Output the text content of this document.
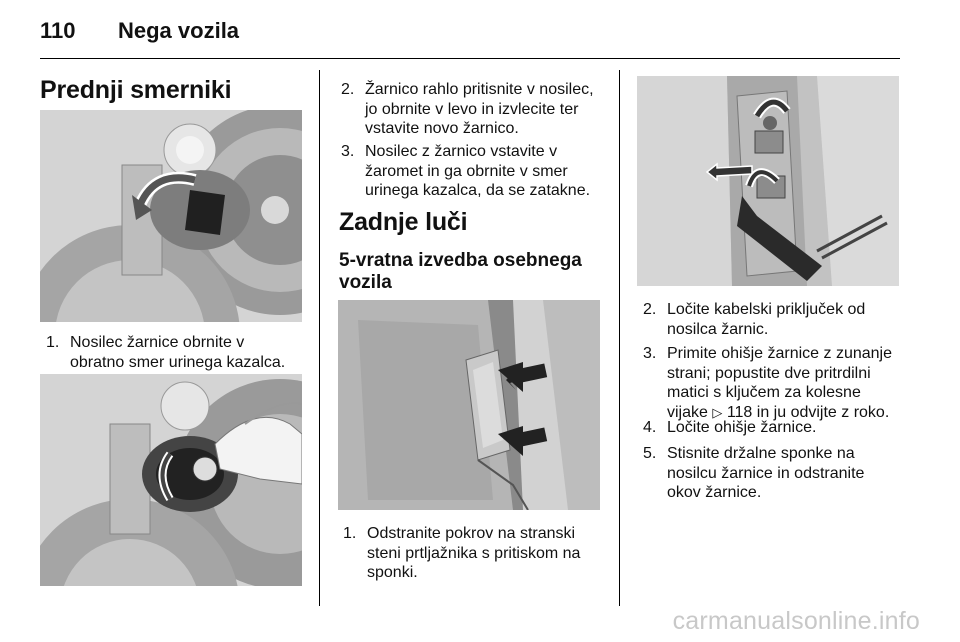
110 Nega vozila
Prednji smerniki
1. Nosilec žarnice obrnite v obratno smer urinega kazalca.
2. Žarnico rahlo pritisnite v nosilec, jo obrnite v levo in izvlecite ter vstavite novo žarnico.
3. Nosilec z žarnico vstavite v žaromet in ga obrnite v smer urinega kazalca, da se zatakne.
Zadnje luči
5-vratna izvedba osebnega vozila
1. Odstranite pokrov na stranski steni prtljažnika s pritiskom na sponki.
2. Ločite kabelski priključek od nosilca žarnic.
3. Primite ohišje žarnice z zunanje strani; popustite dve pritrdilni matici s ključem za kolesne vijake ▷ 118 in ju odvijte z roko.
4. Ločite ohišje žarnice.
5. Stisnite držalne sponke na nosilcu žarnice in odstranite okov žarnice.
carmanualsonline.info
